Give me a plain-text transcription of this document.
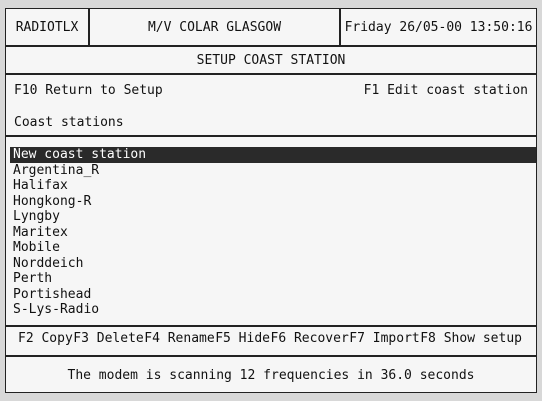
RADIOTLX	M/V COLAR GLASGOW	Friday 26/05-00 13:50:16
SETUP COAST STATION
F10 Return to Setup	F1 Edit coast station
Coast stations
New coast station
Argentina_R
Halifax
Hongkong-R
Lyngby
Maritex
Mobile
Norddeich
Perth
Portishead
S-Lys-Radio
F2 Copy F3 Delete F4 Rename F5 Hide F6 Recover F7 Import F8 Show setup
The modem is scanning 12 frequencies in 36.0 seconds
